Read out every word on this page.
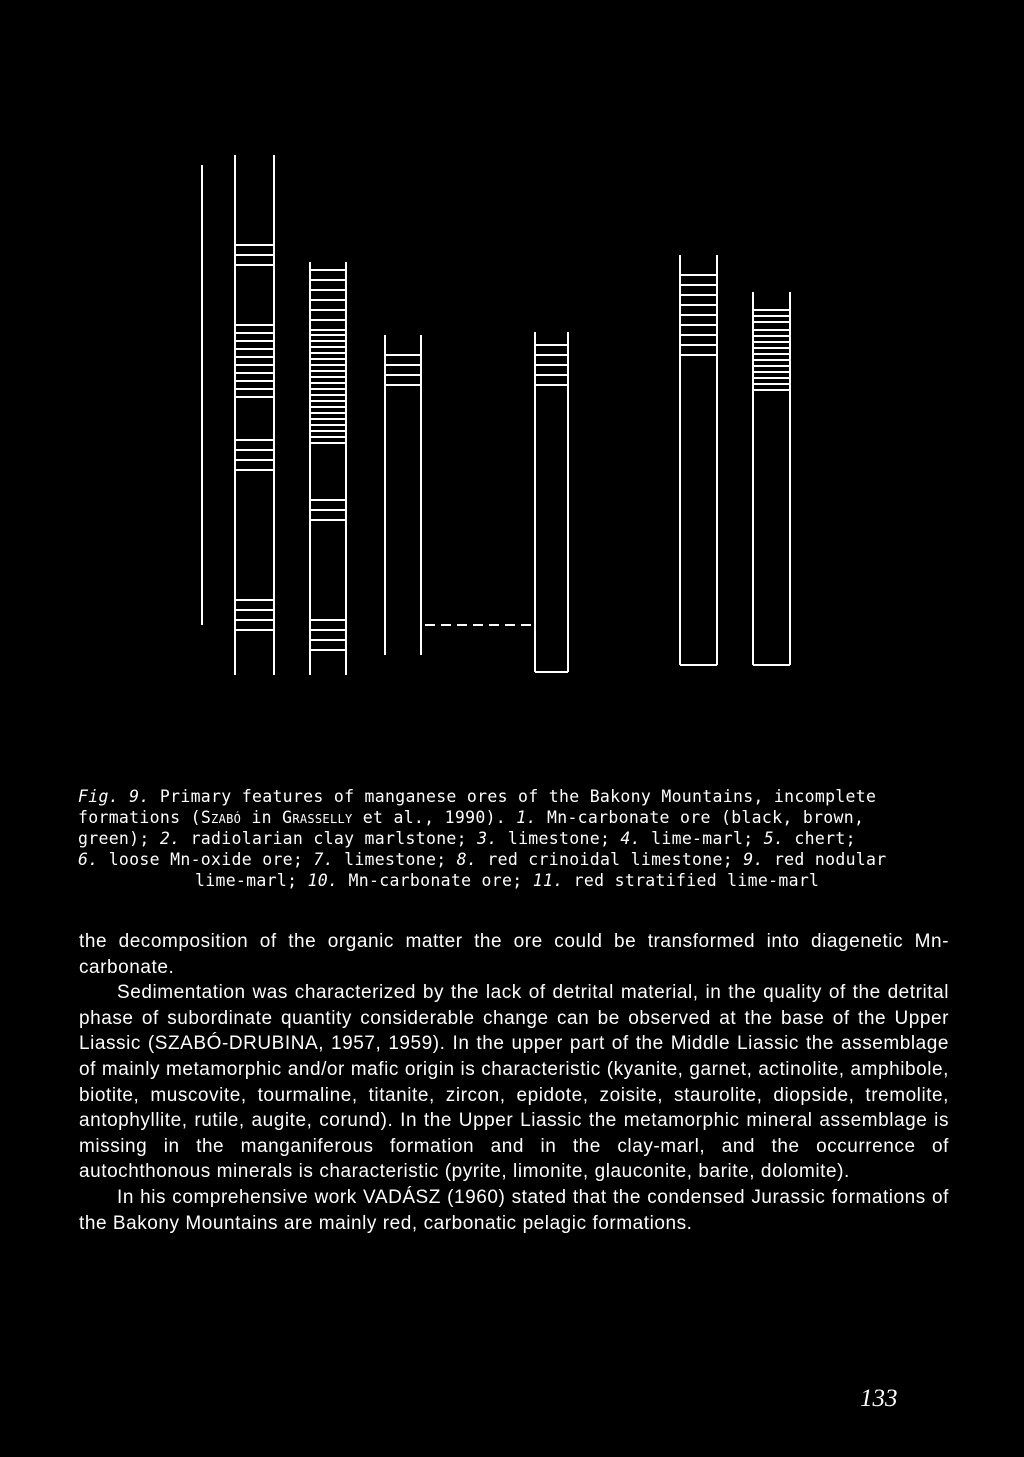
Fig. 9. Primary features of manganese ores of the Bakony Mountains, incomplete
formations (Szabó in Grasselly et al., 1990). 1. Mn-carbonate ore (black, brown,
green); 2. radiolarian clay marlstone; 3. limestone; 4. lime-marl; 5. chert;
6. loose Mn-oxide ore; 7. limestone; 8. red crinoidal limestone; 9. red nodular
lime-marl; 10. Mn-carbonate ore; 11. red stratified lime-marl

the decomposition of the organic matter the ore could be transformed into diagenetic Mn-carbonate.

Sedimentation was characterized by the lack of detrital material, in the quality of the detrital phase of subordinate quantity considerable change can be observed at the base of the Upper Liassic (SZABÓ-DRUBINA, 1957, 1959). In the upper part of the Middle Liassic the assemblage of mainly metamorphic and/or mafic origin is characteristic (kyanite, garnet, actinolite, amphibole, biotite, muscovite, tourmaline, titanite, zircon, epidote, zoisite, staurolite, diopside, tremolite, antophyllite, rutile, augite, corund). In the Upper Liassic the metamorphic mineral assemblage is missing in the manganiferous formation and in the clay-marl, and the occurrence of autochthonous minerals is characteristic (pyrite, limonite, glauconite, barite, dolomite).

In his comprehensive work VADÁSZ (1960) stated that the condensed Jurassic formations of the Bakony Mountains are mainly red, carbonatic pelagic formations.

133
